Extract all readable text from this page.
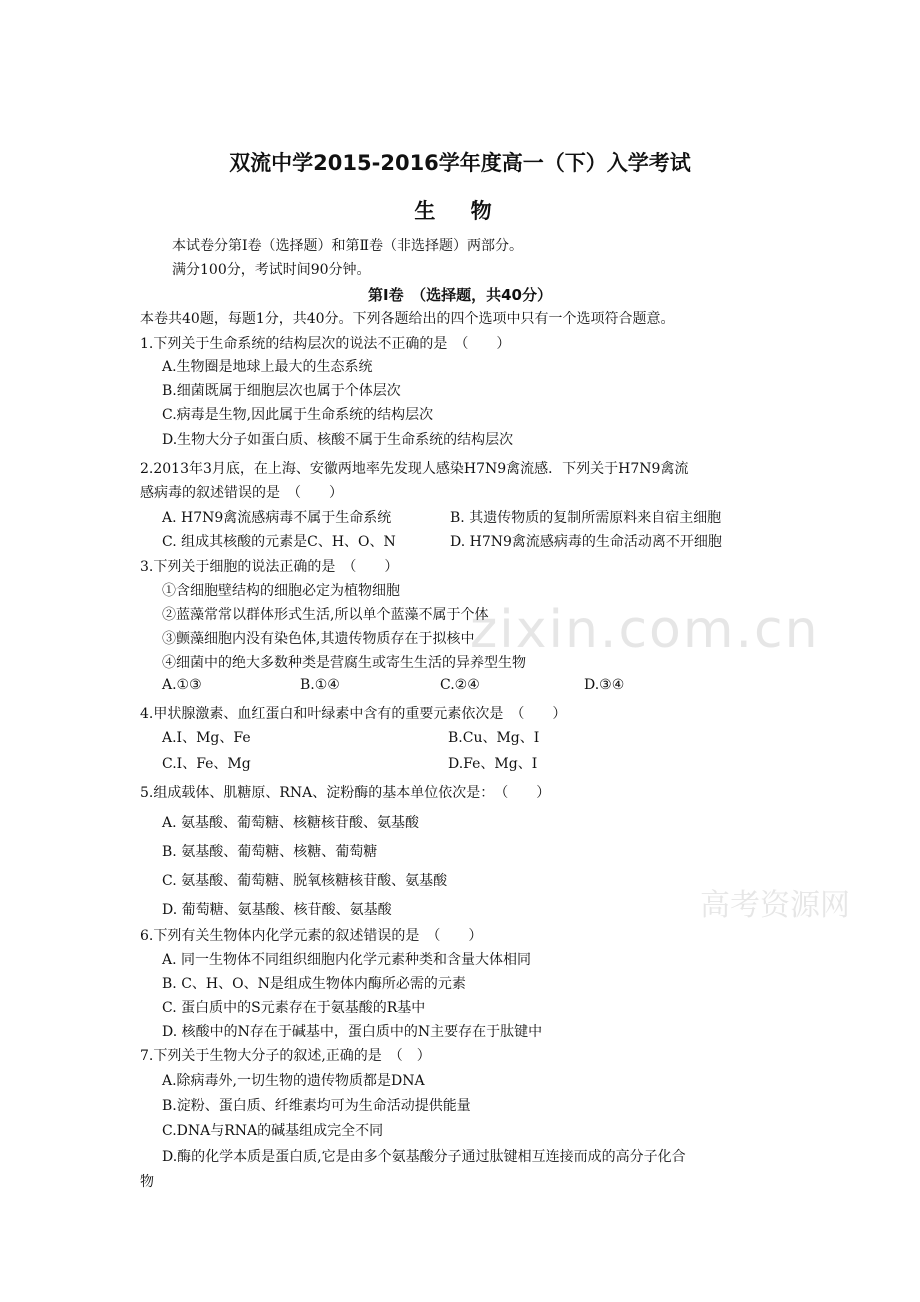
zixin.com.cn
高考资源网
双流中学2015-2016学年度高一（下）入学考试
生 物
本试卷分第Ⅰ卷（选择题）和第Ⅱ卷（非选择题）两部分。
满分100分，考试时间90分钟。
第Ⅰ卷　（选择题，共40分）
本卷共40题，每题1分，共40分。下列各题给出的四个选项中只有一个选项符合题意。
1.下列关于生命系统的结构层次的说法不正确的是　（　　）
A.生物圈是地球上最大的生态系统
B.细菌既属于细胞层次也属于个体层次
C.病毒是生物,因此属于生命系统的结构层次
D.生物大分子如蛋白质、核酸不属于生命系统的结构层次
2.2013年3月底，在上海、安徽两地率先发现人感染H7N9禽流感．下列关于H7N9禽流
感病毒的叙述错误的是　（　　）
A. H7N9禽流感病毒不属于生命系统	B. 其遗传物质的复制所需原料来自宿主细胞
C. 组成其核酸的元素是C、H、O、N	D. H7N9禽流感病毒的生命活动离不开细胞
3.下列关于细胞的说法正确的是　（　　）
①含细胞壁结构的细胞必定为植物细胞
②蓝藻常常以群体形式生活,所以单个蓝藻不属于个体
③颤藻细胞内没有染色体,其遗传物质存在于拟核中
④细菌中的绝大多数种类是营腐生或寄生生活的异养型生物
A.①③	B.①④	C.②④	D.③④
4.甲状腺激素、血红蛋白和叶绿素中含有的重要元素依次是　（　　）
A.I、Mg、Fe	B.Cu、Mg、I
C.I、Fe、Mg	D.Fe、Mg、I
5.组成载体、肌糖原、RNA、淀粉酶的基本单位依次是：　（　　）
A. 氨基酸、葡萄糖、核糖核苷酸、氨基酸
B. 氨基酸、葡萄糖、核糖、葡萄糖
C. 氨基酸、葡萄糖、脱氧核糖核苷酸、氨基酸
D. 葡萄糖、氨基酸、核苷酸、氨基酸
6.下列有关生物体内化学元素的叙述错误的是　（　　）
A. 同一生物体不同组织细胞内化学元素种类和含量大体相同
B. C、H、O、N是组成生物体内酶所必需的元素
C. 蛋白质中的S元素存在于氨基酸的R基中
D. 核酸中的N存在于碱基中，蛋白质中的N主要存在于肽键中
7.下列关于生物大分子的叙述,正确的是　（　）
A.除病毒外,一切生物的遗传物质都是DNA
B.淀粉、蛋白质、纤维素均可为生命活动提供能量
C.DNA与RNA的碱基组成完全不同
D.酶的化学本质是蛋白质,它是由多个氨基酸分子通过肽键相互连接而成的高分子化合
物
